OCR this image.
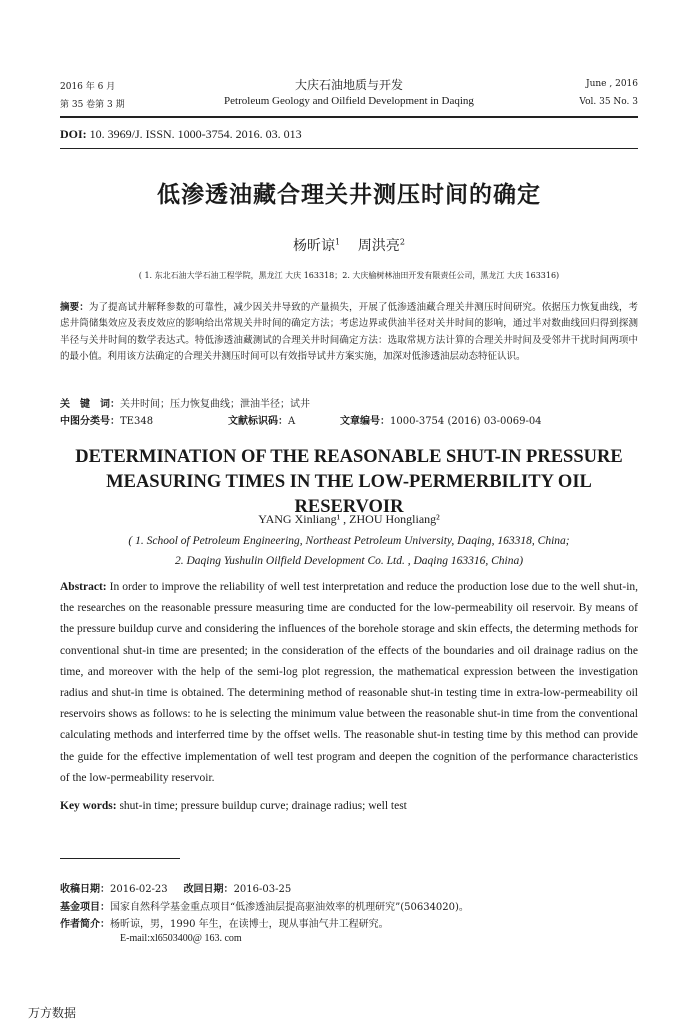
2016 年 6 月	大庆石油地质与开发	June , 2016
第 35 卷第 3 期	Petroleum Geology and Oilfield Development in Daqing	Vol. 35 No. 3
DOI: 10. 3969/J. ISSN. 1000-3754. 2016. 03. 013
低渗透油藏合理关井测压时间的确定
杨昕谅$^1$ 周洪亮$^2$
( 1. 东北石油大学石油工程学院，黑龙江 大庆 163318；2. 大庆榆树林油田开发有限责任公司，黑龙江 大庆 163316)
摘要：为了提高试井解释参数的可靠性，减少因关井导致的产量损失，开展了低渗透油藏合理关井测压时间研究。依据压力恢复曲线，考虑井筒储集效应及表皮效应的影响给出常规关井时间的确定方法；考虑边界或供油半径对关井时间的影响，通过半对数曲线回归得到探测半径与关井时间的数学表达式。特低渗透油藏测试的合理关井时间确定方法：选取常规方法计算的合理关井时间及受邻井干扰时间两项中的最小值。利用该方法确定的合理关井测压时间可以有效指导试井方案实施，加深对低渗透油层动态特征认识。
关　键　词：关井时间；压力恢复曲线；泄油半径；试井
中图分类号：TE348	文献标识码：A	文章编号：1000-3754 (2016) 03-0069-04
DETERMINATION OF THE REASONABLE SHUT-IN PRESSURE
MEASURING TIMES IN THE LOW-PERMERBILITY OIL RESERVOIR
YANG Xinliang¹ , ZHOU Hongliang²
( 1. School of Petroleum Engineering, Northeast Petroleum University, Daqing, 163318, China;
2. Daqing Yushulin Oilfield Development Co. Ltd. , Daqing 163316, China)
Abstract: In order to improve the reliability of well test interpretation and reduce the production lose due to the well shut-in, the researches on the reasonable pressure measuring time are conducted for the low-permeability oil reservoir. By means of the pressure buildup curve and considering the influences of the borehole storage and skin effects, the determing methods for conventional shut-in time are presented; in the consideration of the effects of the boundaries and oil drainage radius on the time, and moreover with the help of the semi-log plot regression, the mathematical expression between the investigation radius and shut-in time is obtained. The determining method of reasonable shut-in testing time in extra-low-permeability oil reservoirs shows as follows: to he is selecting the minimum value between the reasonable shut-in time from the conventional calculating methods and interferred time by the offset wells. The reasonable shut-in testing time by this method can provide the guide for the effective implementation of well test program and deepen the cognition of the performance characteristics of the low-permeability reservoir.
Key words: shut-in time; pressure buildup curve; drainage radius; well test
收稿日期：2016-02-23 改回日期：2016-03-25
基金项目：国家自然科学基金重点项目“低渗透油层提高驱油效率的机理研究”(50634020)。
作者简介：杨昕谅，男，1990 年生，在读博士，现从事油气井工程研究。
E-mail:xl6503400@ 163. com
万方数据
